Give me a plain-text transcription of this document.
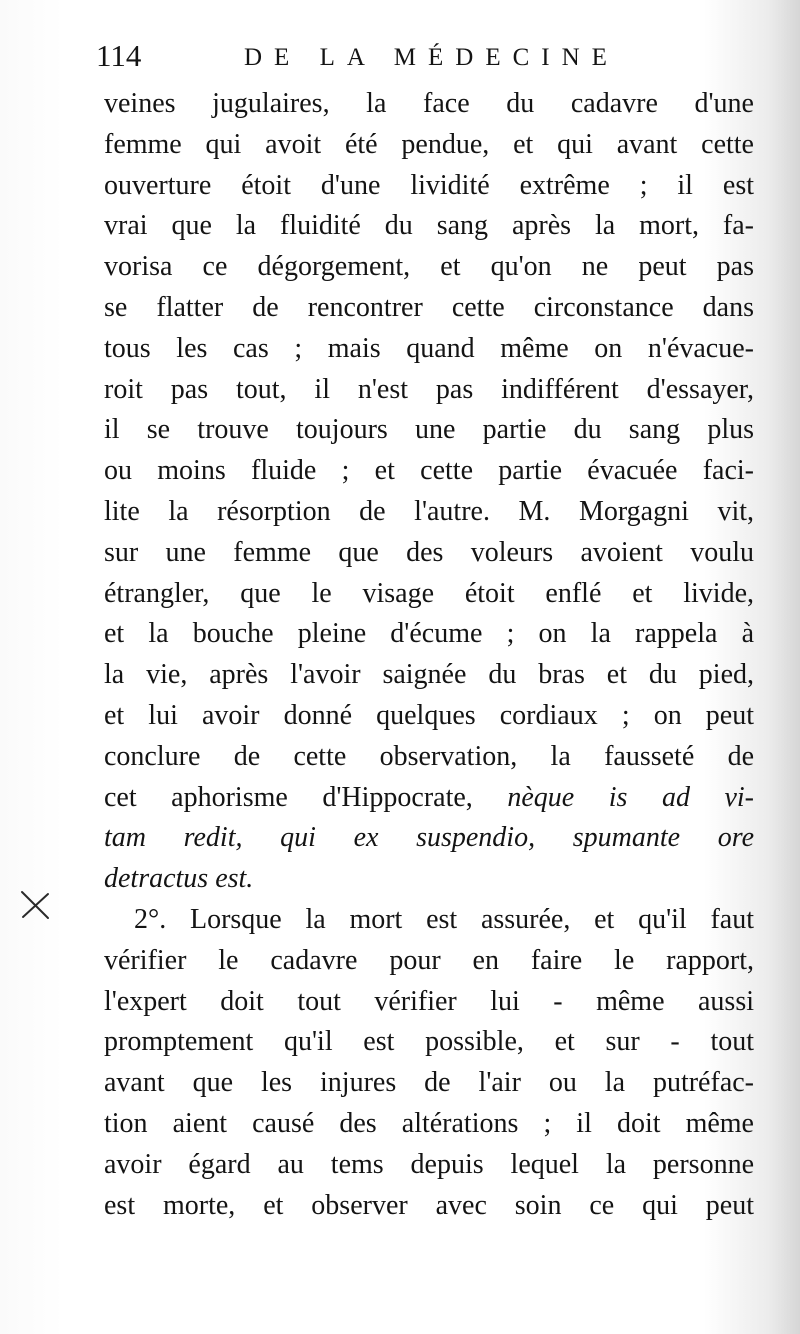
114	DE LA MÉDECINE
veines jugulaires, la face du cadavre d'une
femme qui avoit été pendue, et qui avant cette
ouverture étoit d'une lividité extrême ; il est
vrai que la fluidité du sang après la mort, fa-
vorisa ce dégorgement, et qu'on ne peut pas
se flatter de rencontrer cette circonstance dans
tous les cas ; mais quand même on n'évacue-
roit pas tout, il n'est pas indifférent d'essayer,
il se trouve toujours une partie du sang plus
ou moins fluide ; et cette partie évacuée faci-
lite la résorption de l'autre. M. Morgagni vit,
sur une femme que des voleurs avoient voulu
étrangler, que le visage étoit enflé et livide,
et la bouche pleine d'écume ; on la rappela à
la vie, après l'avoir saignée du bras et du pied,
et lui avoir donné quelques cordiaux ; on peut
conclure de cette observation, la fausseté de
cet aphorisme d'Hippocrate, nèque is ad vi-
tam redit, qui ex suspendio, spumante ore
detractus est.
2°. Lorsque la mort est assurée, et qu'il faut
vérifier le cadavre pour en faire le rapport,
l'expert doit tout vérifier lui - même aussi
promptement qu'il est possible, et sur - tout
avant que les injures de l'air ou la putréfac-
tion aient causé des altérations ; il doit même
avoir égard au tems depuis lequel la personne
est morte, et observer avec soin ce qui peut
